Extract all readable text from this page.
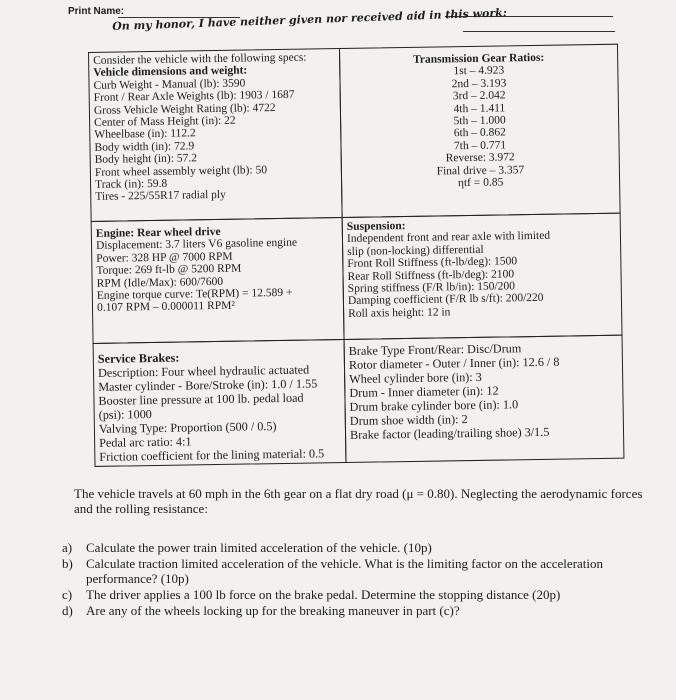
Print Name:
On my honor, I have neither given nor received aid in this work:
Consider the vehicle with the following specs:
Vehicle dimensions and weight:
Curb Weight - Manual (lb): 3590
Front / Rear Axle Weights (lb): 1903 / 1687
Gross Vehicle Weight Rating (lb): 4722
Center of Mass Height (in): 22
Wheelbase (in): 112.2
Body width (in): 72.9
Body height (in): 57.2
Front wheel assembly weight (lb): 50
Track (in): 59.8
Tires - 225/55R17 radial ply
Transmission Gear Ratios:
1st – 4.923
2nd – 3.193
3rd – 2.042
4th – 1.411
5th – 1.000
6th – 0.862
7th – 0.771
Reverse: 3.972
Final drive – 3.357
ηtf = 0.85
Engine: Rear wheel drive
Displacement: 3.7 liters V6 gasoline engine
Power: 328 HP @ 7000 RPM
Torque: 269 ft-lb @ 5200 RPM
RPM (Idle/Max): 600/7600
Engine torque curve: Te(RPM) = 12.589 +
0.107 RPM – 0.000011 RPM²
Suspension:
Independent front and rear axle with limited
slip (non-locking) differential
Front Roll Stiffness (ft-lb/deg): 1500
Rear Roll Stiffness (ft-lb/deg): 2100
Spring stiffness (F/R lb/in): 150/200
Damping coefficient (F/R lb s/ft): 200/220
Roll axis height: 12 in
Service Brakes:
Description: Four wheel hydraulic actuated
Master cylinder - Bore/Stroke (in): 1.0 / 1.55
Booster line pressure at 100 lb. pedal load
(psi): 1000
Valving Type: Proportion (500 / 0.5)
Pedal arc ratio: 4:1
Friction coefficient for the lining material: 0.5
Brake Type Front/Rear: Disc/Drum
Rotor diameter - Outer / Inner (in): 12.6 / 8
Wheel cylinder bore (in): 3
Drum - Inner diameter (in): 12
Drum brake cylinder bore (in): 1.0
Drum shoe width (in): 2
Brake factor (leading/trailing shoe) 3/1.5
The vehicle travels at 60 mph in the 6th gear on a flat dry road (μ = 0.80). Neglecting the aerodynamic forces and the rolling resistance:
a)	Calculate the power train limited acceleration of the vehicle. (10p)
b)	Calculate traction limited acceleration of the vehicle. What is the limiting factor on the acceleration performance? (10p)
c)	The driver applies a 100 lb force on the brake pedal. Determine the stopping distance (20p)
d)	Are any of the wheels locking up for the breaking maneuver in part (c)?
